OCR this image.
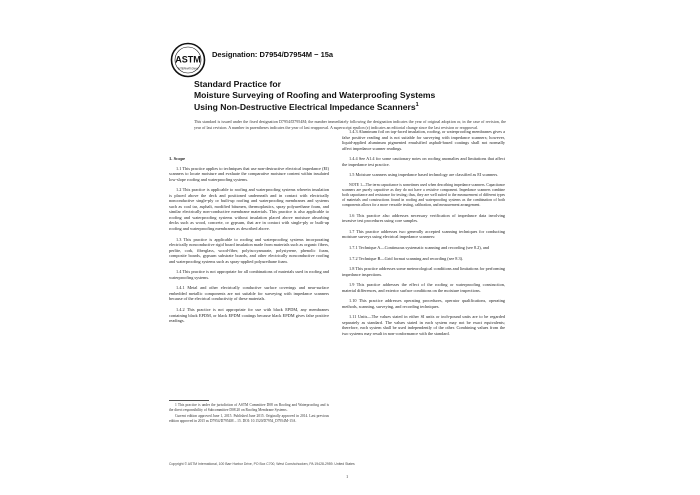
ASTM
INTERNATIONAL
Designation: D7954/D7954M − 15a
Standard Practice for
Moisture Surveying of Roofing and Waterproofing Systems
Using Non-Destructive Electrical Impedance Scanners$^1$
This standard is issued under the fixed designation D7954/D7954M; the number immediately following the designation indicates the year of original adoption or, in the case of revision, the year of last revision. A number in parentheses indicates the year of last reapproval. A superscript epsilon (ε) indicates an editorial change since the last revision or reapproval.
1. Scope

1.1 This practice applies to techniques that use non-destructive electrical impedance (EI) scanners to locate moisture and evaluate the comparative moisture content within insulated low-slope roofing and waterproofing systems.

1.2 This practice is applicable to roofing and waterproofing systems wherein insulation is placed above the deck and positioned underneath and in contact with electrically nonconductive single-ply or built-up roofing and waterproofing membranes and systems such as coal tar, asphalt, modified bitumen, thermoplastics, spray polyurethane foam, and similar electrically non-conductive membrane materials. This practice is also applicable to roofing and waterproofing systems without insulation placed above moisture absorbing decks such as wood, concrete, or gypsum, that are in contact with single-ply or built-up roofing and waterproofing membranes as described above.

1.3 This practice is applicable to roofing and waterproofing systems incorporating electrically nonconductive rigid board insulation made from materials such as organic fibers, perlite, cork, fiberglass, wood-fiber, polyisocyanurate, polystyrene, phenolic foam, composite boards, gypsum substrate boards, and other electrically nonconductive roofing and waterproofing systems such as spray-applied polyurethane foam.

1.4 This practice is not appropriate for all combinations of materials used in roofing and waterproofing systems.

1.4.1 Metal and other electrically conductive surface coverings and near-surface embedded metallic components are not suitable for surveying with impedance scanners because of the electrical conductivity of these materials.

1.4.2 This practice is not appropriate for use with black EPDM, any membranes containing black EPDM, or black EPDM coatings because black EPDM gives false positive readings.

1.4.3 Aluminum foil on top-faced insulation, roofing, or waterproofing membranes gives a false positive reading and is not suitable for surveying with impedance scanners; however, liquid-applied aluminum pigmented emulsified asphalt-based coatings shall not normally affect impedance scanner readings.

1.4.4 See A1.4 for some cautionary notes on roofing anomalies and limitations that affect the impedance test practice.

1.5 Moisture scanners using impedance based technology are classified as EI scanners.

NOTE 1—The term capacitance is sometimes used when describing impedance scanners. Capacitance scanners are purely capacitive as they do not have a resistive component. Impedance scanners combine both capacitance and resistance for testing; thus, they are well suited to the measurement of different types of materials and constructions found in roofing and waterproofing systems as the combination of both components allows for a more versatile testing, calibration, and measurement arrangement.

1.6 This practice also addresses necessary verification of impedance data involving invasive test procedures using core samples.

1.7 This practice addresses two generally accepted scanning techniques for conducting moisture surveys using electrical impedance scanners:

1.7.1 Technique A—Continuous systematic scanning and recording (see 8.2), and

1.7.2 Technique B—Grid format scanning and recording (see 8.3).

1.8 This practice addresses some meteorological conditions and limitations for performing impedance inspections.

1.9 This practice addresses the effect of the roofing or waterproofing construction, material differences, and exterior surface conditions on the moisture inspections.

1.10 This practice addresses operating procedures, operator qualifications, operating methods, scanning, surveying, and recording techniques.

1.11 Units—The values stated in either SI units or inch-pound units are to be regarded separately as standard. The values stated in each system may not be exact equivalents; therefore, each system shall be used independently of the other. Combining values from the two systems may result in non-conformance with the standard.

1 This practice is under the jurisdiction of ASTM Committee D08 on Roofing and Waterproofing and is the direct responsibility of Subcommittee D08.20 on Roofing Membrane Systems.

Current edition approved June 1, 2015. Published June 2015. Originally approved in 2014. Last previous edition approved in 2015 as D7954/D7954M – 15. DOI: 10.1520/D7954_D7954M-15A.

Copyright © ASTM International, 100 Barr Harbor Drive, PO Box C700, West Conshohocken, PA 19428-2959. United States
1
